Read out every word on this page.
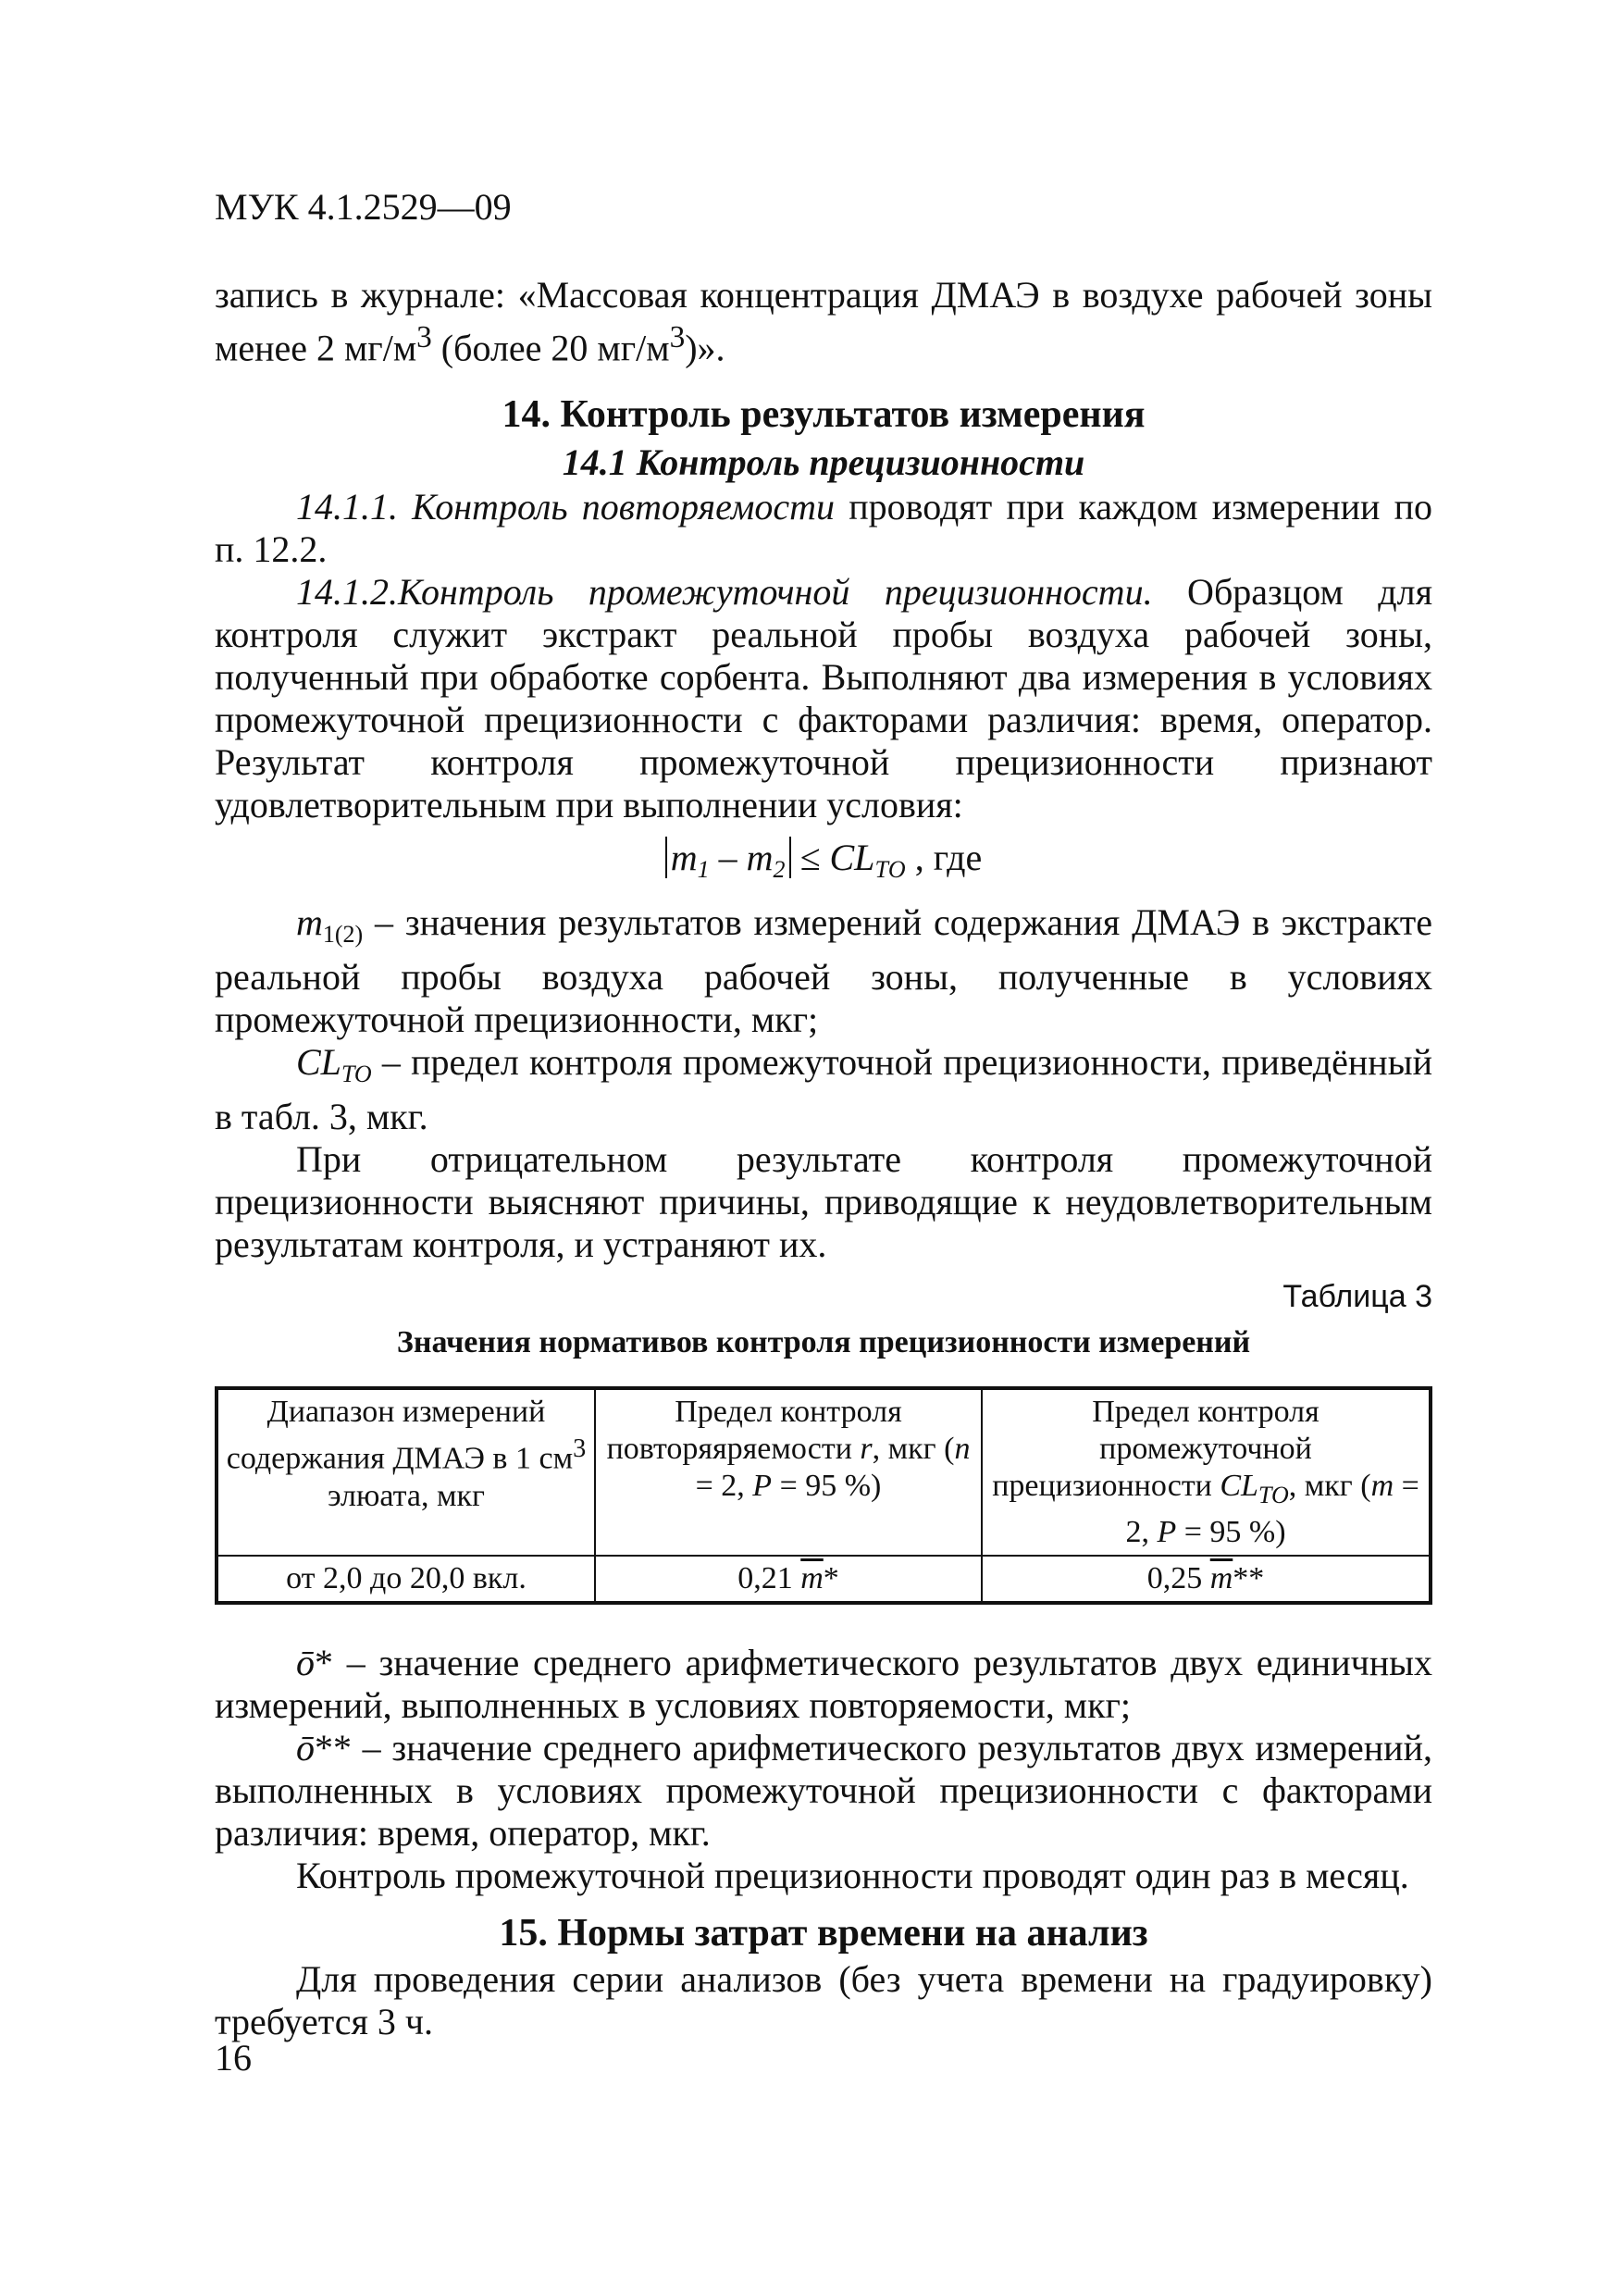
МУК 4.1.2529—09

запись в журнале: «Массовая концентрация ДМАЭ в воздухе рабочей зоны менее 2 $мг/м^3$ (более 20 $мг/м^3$)».

14. Контроль результатов измерения
14.1 Контроль прецизионности

14.1.1. Контроль повторяемости проводят при каждом измерении по п. 12.2.

14.1.2.Контроль промежуточной прецизионности. Образцом для контроля служит экстракт реальной пробы воздуха рабочей зоны, полученный при обработке сорбента. Выполняют два измерения в условиях промежуточной прецизионности с факторами различия: время, оператор. Результат контроля промежуточной прецизионности признают удовлетворительным при выполнении условия:

$m_1 - m_2 \le CL_{ТО}$ , где

$m_{1(2)}$ – значения результатов измерений содержания ДМАЭ в экстракте реальной пробы воздуха рабочей зоны, полученные в условиях промежуточной прецизионности, мкг;

$CL_{TO}$ – предел контроля промежуточной прецизионности, приведённый в табл. 3, мкг.

При отрицательном результате контроля промежуточной прецизионности выясняют причины, приводящие к неудовлетворительным результатам контроля, и устраняют их.

Таблица 3
Значения нормативов контроля прецизионности измерений
Диапазон измерений содержания ДМАЭ в 1 $см^3$ элюата, мкг	Предел контроля повторяяряемости r, мкг (n = 2, P = 95 %)	Предел контроля промежуточной прецизионности $CL_{TO}$, мкг (m = 2, P = 95 %)
от 2,0 до 20,0 вкл.	0,21 $\overline{m}*$	0,25 $\overline{m}**$

ō* – значение среднего арифметического результатов двух единичных измерений, выполненных в условиях повторяемости, мкг;

ō** – значение среднего арифметического результатов двух измерений, выполненных в условиях промежуточной прецизионности с факторами различия: время, оператор, мкг.

Контроль промежуточной прецизионности проводят один раз в месяц.

15. Нормы затрат времени на анализ

Для проведения серии анализов (без учета времени на градуировку) требуется 3 ч.

16
